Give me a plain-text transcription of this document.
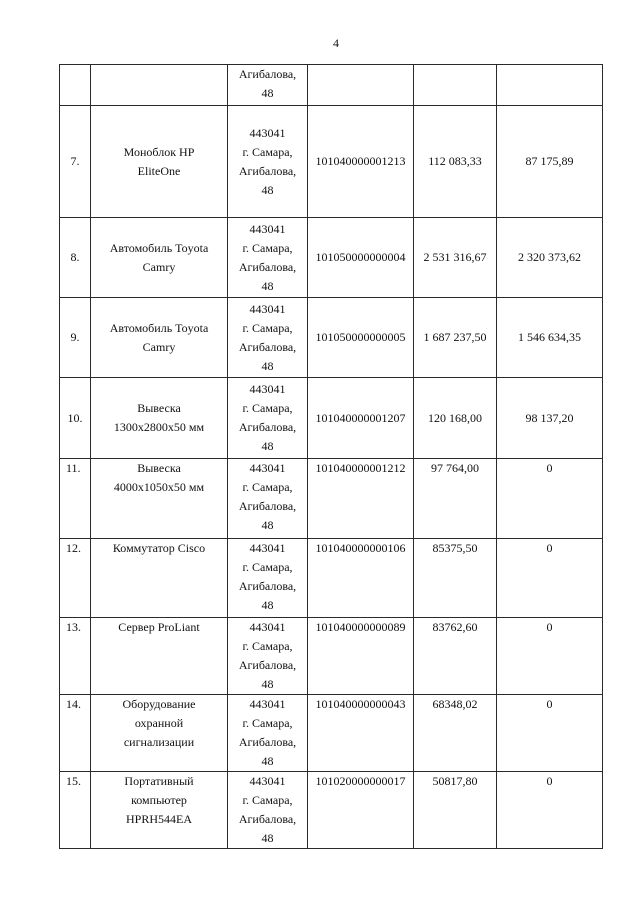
4

		Агибалова,
48			

7.	Моноблок HP
EliteOne	443041
г. Самара,
Агибалова,
48	101040000001213	112 083,33	87 175,89

8.	Автомобиль Toyota
Camry	443041
г. Самара,
Агибалова,
48	101050000000004	2 531 316,67	2 320 373,62

9.	Автомобиль Toyota
Camry	443041
г. Самара,
Агибалова,
48	101050000000005	1 687 237,50	1 546 634,35

10.	Вывеска
1300x2800x50 мм	443041
г. Самара,
Агибалова,
48	101040000001207	120 168,00	98 137,20

11.	Вывеска
4000x1050x50 мм	443041
г. Самара,
Агибалова,
48	101040000001212	97 764,00	0

12.	Коммутатор Cisco	443041
г. Самара,
Агибалова,
48	101040000000106	85375,50	0

13.	Сервер ProLiant	443041
г. Самара,
Агибалова,
48	101040000000089	83762,60	0

14.	Оборудование
охранной
сигнализации	443041
г. Самара,
Агибалова,
48	101040000000043	68348,02	0

15.	Портативный
компьютер
HPRH544EA	443041
г. Самара,
Агибалова,
48	101020000000017	50817,80	0
